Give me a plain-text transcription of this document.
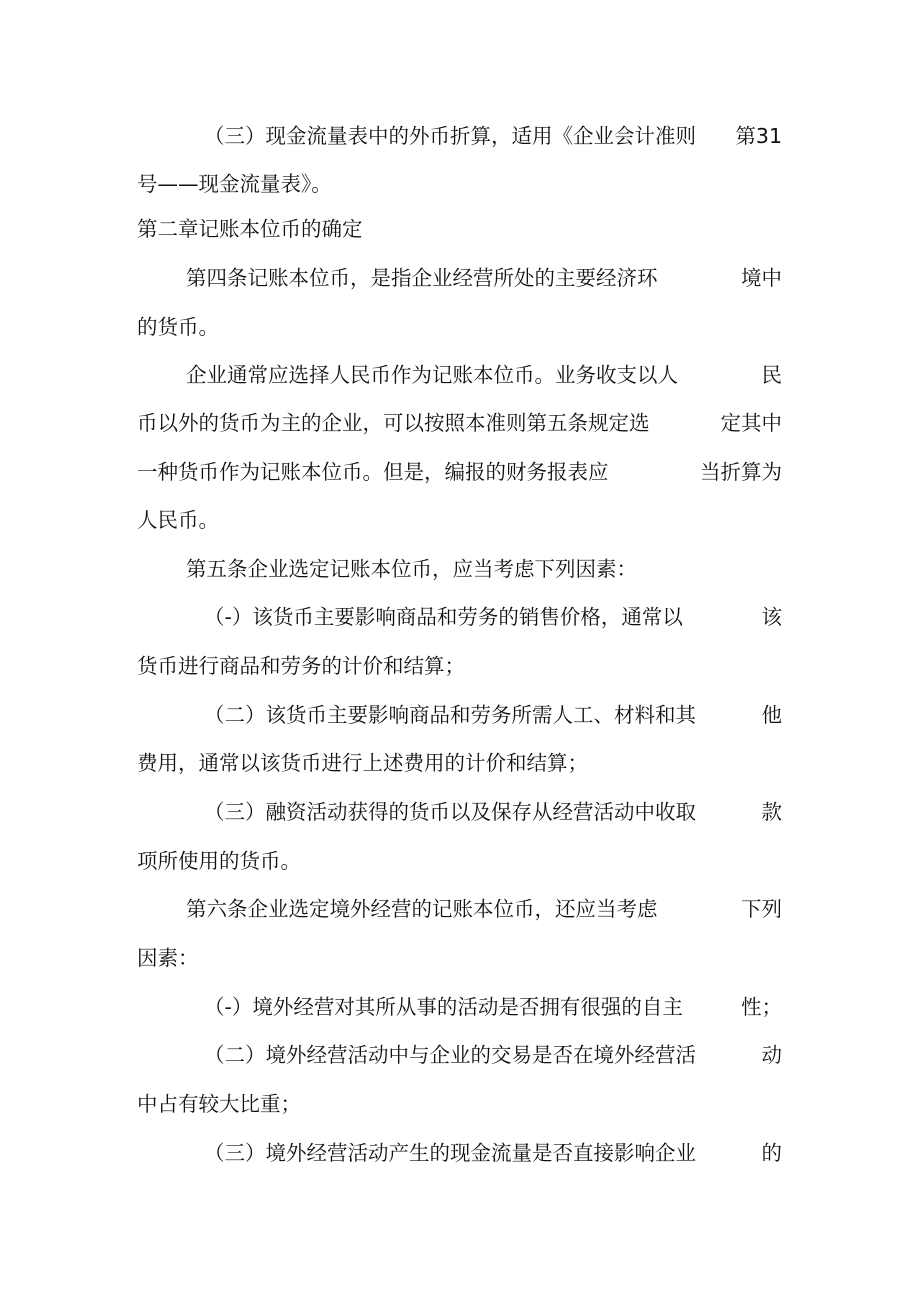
（三）现金流量表中的外币折算，适用《企业会计准则 第31
号——现金流量表》。
第二章记账本位币的确定
第四条记账本位币，是指企业经营所处的主要经济环	境中
的货币。
企业通常应选择人民币作为记账本位币。业务收支以人	民
币以外的货币为主的企业，可以按照本准则第五条规定选	定其中
一种货币作为记账本位币。但是，编报的财务报表应	当折算为
人民币。
第五条企业选定记账本位币，应当考虑下列因素：
（-）该货币主要影响商品和劳务的销售价格，通常以	该
货币进行商品和劳务的计价和结算；
（二）该货币主要影响商品和劳务所需人工、材料和其	他
费用，通常以该货币进行上述费用的计价和结算；
（三）融资活动获得的货币以及保存从经营活动中收取	款
项所使用的货币。
第六条企业选定境外经营的记账本位币，还应当考虑	下列
因素：
（-）境外经营对其所从事的活动是否拥有很强的自主	性；
（二）境外经营活动中与企业的交易是否在境外经营活	动
中占有较大比重；
（三）境外经营活动产生的现金流量是否直接影响企业	的
